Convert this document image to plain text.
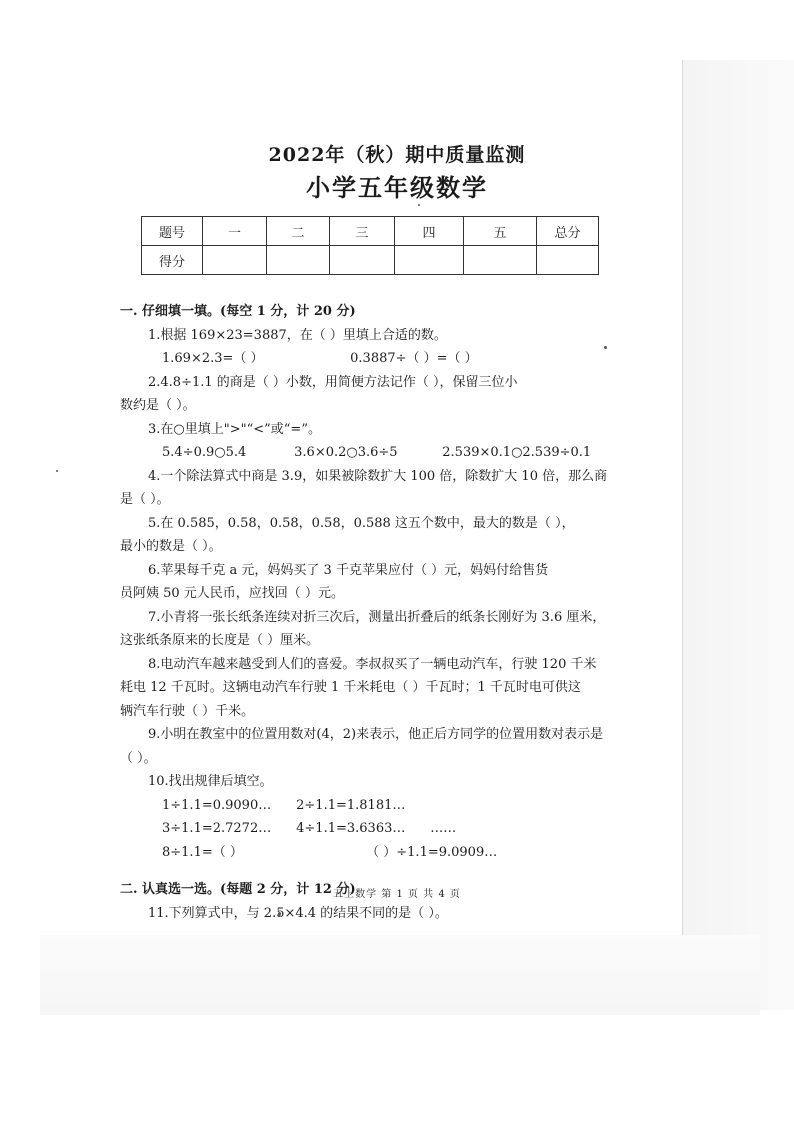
2022年（秋）期中质量监测
小学五年级数学
题号	一	二	三	四	五	总分
得分						
一. 仔细填一填。(每空 1 分，计 20 分)
1.根据 169×23=3887，在（ ）里填上合适的数。
1.69×2.3=（ ）	0.3887÷（ ）=（ ）
2.4.8÷1.1 的商是（ ）小数，用简便方法记作（ ），保留三位小
数约是（ ）。
3.在○里填上">"“<”或“=”。
5.4÷0.9○5.4	3.6×0.2○3.6÷5	2.539×0.1○2.539÷0.1
4.一个除法算式中商是 3.9，如果被除数扩大 100 倍，除数扩大 10 倍，那么商
是（ ）。
5.在 0.585，0.58，0.58，0.58，0.588 这五个数中，最大的数是（ ），
最小的数是（ ）。
6.苹果每千克 a 元，妈妈买了 3 千克苹果应付（ ）元，妈妈付给售货
员阿姨 50 元人民币，应找回（ ）元。
7.小青将一张长纸条连续对折三次后，测量出折叠后的纸条长刚好为 3.6 厘米，
这张纸条原来的长度是（ ）厘米。
8.电动汽车越来越受到人们的喜爱。李叔叔买了一辆电动汽车，行驶 120 千米
耗电 12 千瓦时。这辆电动汽车行驶 1 千米耗电（ ）千瓦时；1 千瓦时电可供这
辆汽车行驶（ ）千米。
9.小明在教室中的位置用数对(4，2)来表示，他正后方同学的位置用数对表示是
（ ）。
10.找出规律后填空。
1÷1.1=0.9090… 2÷1.1=1.8181…
3÷1.1=2.7272… 4÷1.1=3.6363… ……
8÷1.1=（ ）	（ ）÷1.1=9.0909…
二. 认真选一选。(每题 2 分，计 12 分)
11.下列算式中，与 2.5×4.4 的结果不同的是（ ）。
五上数学 第 1 页 共 4 页
